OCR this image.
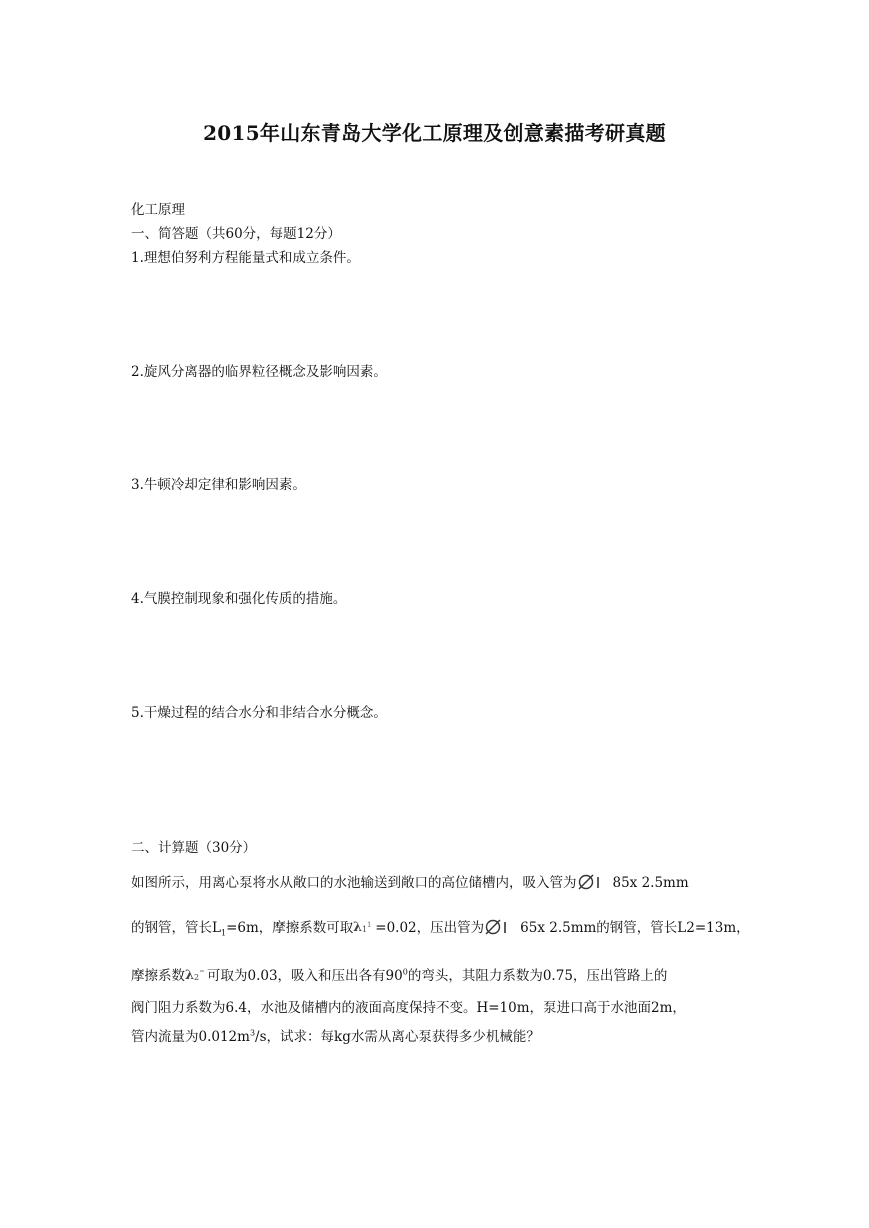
2015年山东青岛大学化工原理及创意素描考研真题
化工原理
一、简答题（共60分，每题12分）
1.理想伯努利方程能量式和成立条件。
2.旋风分离器的临界粒径概念及影响因素。
3.牛顿冷却定律和影响因素。
4.气膜控制现象和强化传质的措施。
5.干燥过程的结合水分和非结合水分概念。
二、计算题（30分）
如图所示，用离心泵将水从敞口的水池输送到敞口的高位储槽内，吸入管为	85x 2.5mm
的钢管，管长$L_1=6m$，摩擦系数可取 λ 1 1 =0.02，压出管为	65x 2.5mm的钢管，管长L2=13m，
摩擦系数 λ 2 可取为0.03，吸入和压出各有$90^0$的弯头，其阻力系数为0.75，压出管路上的
阀门阻力系数为6.4，水池及储槽内的液面高度保持不变。H=10m，泵进口高于水池面2m，
管内流量为$0.012m^3/s$，试求：每kg水需从离心泵获得多少机械能？
